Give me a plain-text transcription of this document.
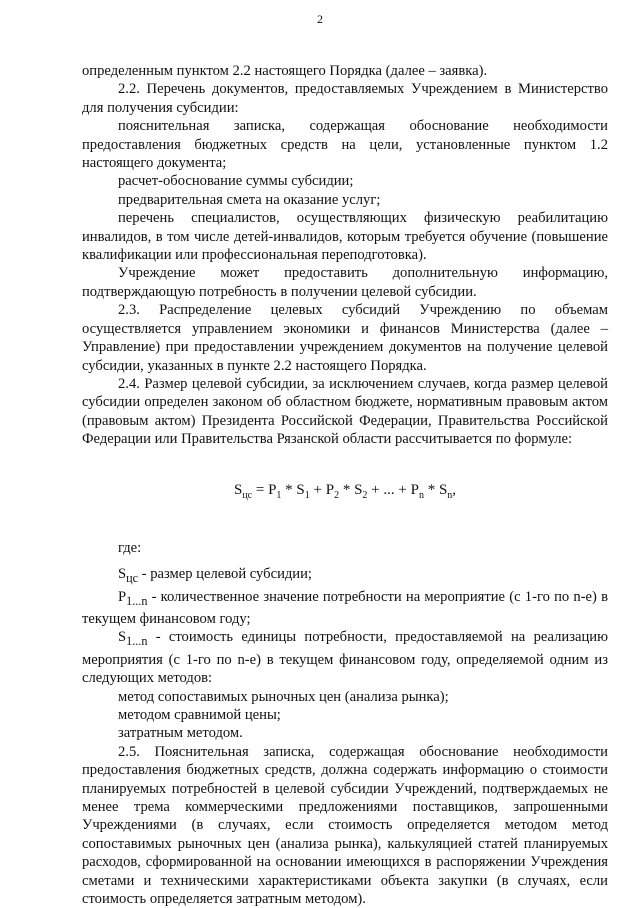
2

определенным пунктом 2.2 настоящего Порядка (далее – заявка).

2.2. Перечень документов, предоставляемых Учреждением в Министерство для получения субсидии:

пояснительная записка, содержащая обоснование необходимости предоставления бюджетных средств на цели, установленные пунктом 1.2 настоящего документа;

расчет-обоснование суммы субсидии;

предварительная смета на оказание услуг;

перечень специалистов, осуществляющих физическую реабилитацию инвалидов, в том числе детей-инвалидов, которым требуется обучение (повышение квалификации или профессиональная переподготовка).

Учреждение может предоставить дополнительную информацию, подтверждающую потребность в получении целевой субсидии.

2.3. Распределение целевых субсидий Учреждению по объемам осуществляется управлением экономики и финансов Министерства (далее – Управление) при предоставлении учреждением документов на получение целевой субсидии, указанных в пункте 2.2 настоящего Порядка.

2.4. Размер целевой субсидии, за исключением случаев, когда размер целевой субсидии определен законом об областном бюджете, нормативным правовым актом (правовым актом) Президента Российской Федерации, Правительства Российской Федерации или Правительства Рязанской области рассчитывается по формуле:

$S_{цс} = P_1 * S_1 + P_2 * S_2$ + ... + $P_n * S_n$,

где:

$S_{цс}$ - размер целевой субсидии;

$P_{1...n}$ - количественное значение потребности на мероприятие (с 1-го по n-е) в текущем финансовом году;

$S_{1...n}$ - стоимость единицы потребности, предоставляемой на реализацию мероприятия (с 1-го по n-е) в текущем финансовом году, определяемой одним из следующих методов:

метод сопоставимых рыночных цен (анализа рынка);

методом сравнимой цены;

затратным методом.

2.5. Пояснительная записка, содержащая обоснование необходимости предоставления бюджетных средств, должна содержать информацию о стоимости планируемых потребностей в целевой субсидии Учреждений, подтверждаемых не менее трема коммерческими предложениями поставщиков, запрошенными Учреждениями (в случаях, если стоимость определяется методом метод сопоставимых рыночных цен (анализа рынка), калькуляцией статей планируемых расходов, сформированной на основании имеющихся в распоряжении Учреждения сметами и техническими характеристиками объекта закупки (в случаях, если стоимость определяется затратным методом).
